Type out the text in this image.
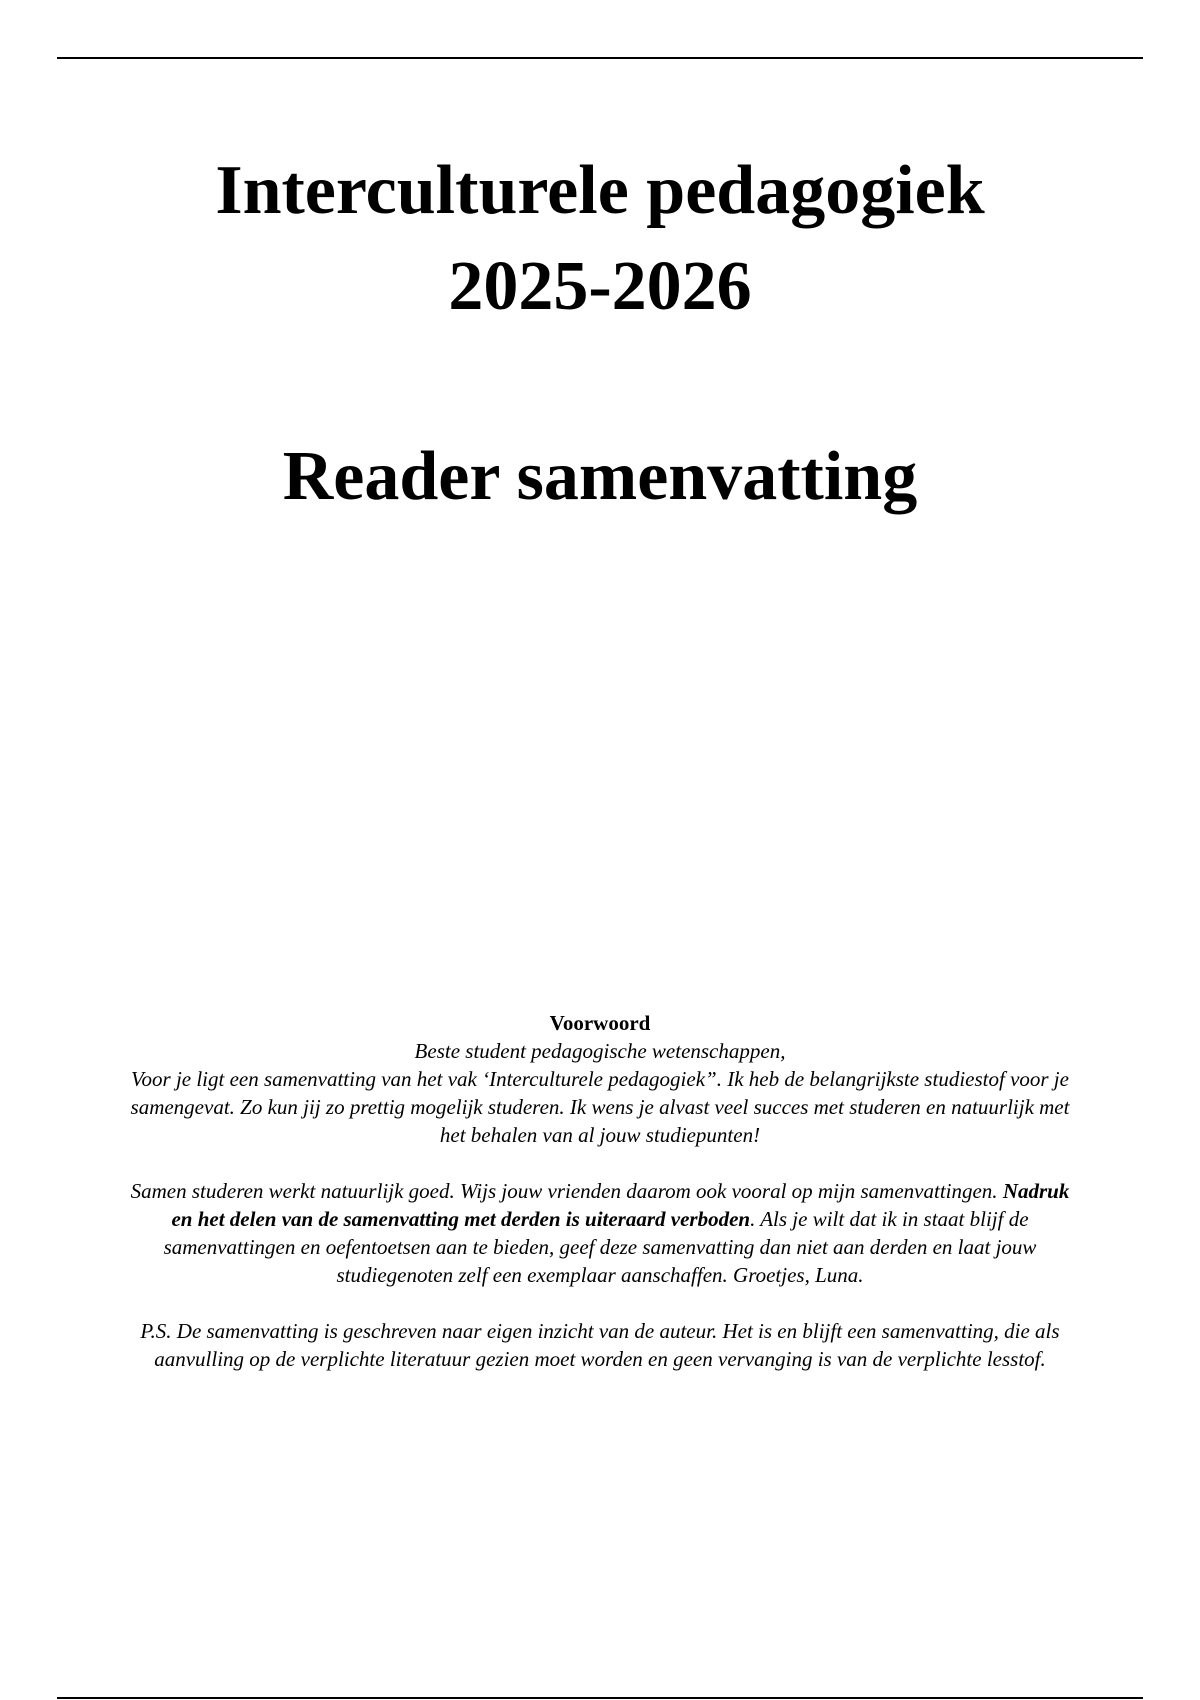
Interculturele pedagogiek
2025-2026
Reader samenvatting
Voorwoord

Beste student pedagogische wetenschappen,

Voor je ligt een samenvatting van het vak ‘Interculturele pedagogiek”. Ik heb de belangrijkste studiestof voor je samengevat. Zo kun jij zo prettig mogelijk studeren. Ik wens je alvast veel succes met studeren en natuurlijk met het behalen van al jouw studiepunten!

Samen studeren werkt natuurlijk goed. Wijs jouw vrienden daarom ook vooral op mijn samenvattingen. Nadruk en het delen van de samenvatting met derden is uiteraard verboden. Als je wilt dat ik in staat blijf de samenvattingen en oefentoetsen aan te bieden, geef deze samenvatting dan niet aan derden en laat jouw studiegenoten zelf een exemplaar aanschaffen. Groetjes, Luna.

P.S. De samenvatting is geschreven naar eigen inzicht van de auteur. Het is en blijft een samenvatting, die als aanvulling op de verplichte literatuur gezien moet worden en geen vervanging is van de verplichte lesstof.
